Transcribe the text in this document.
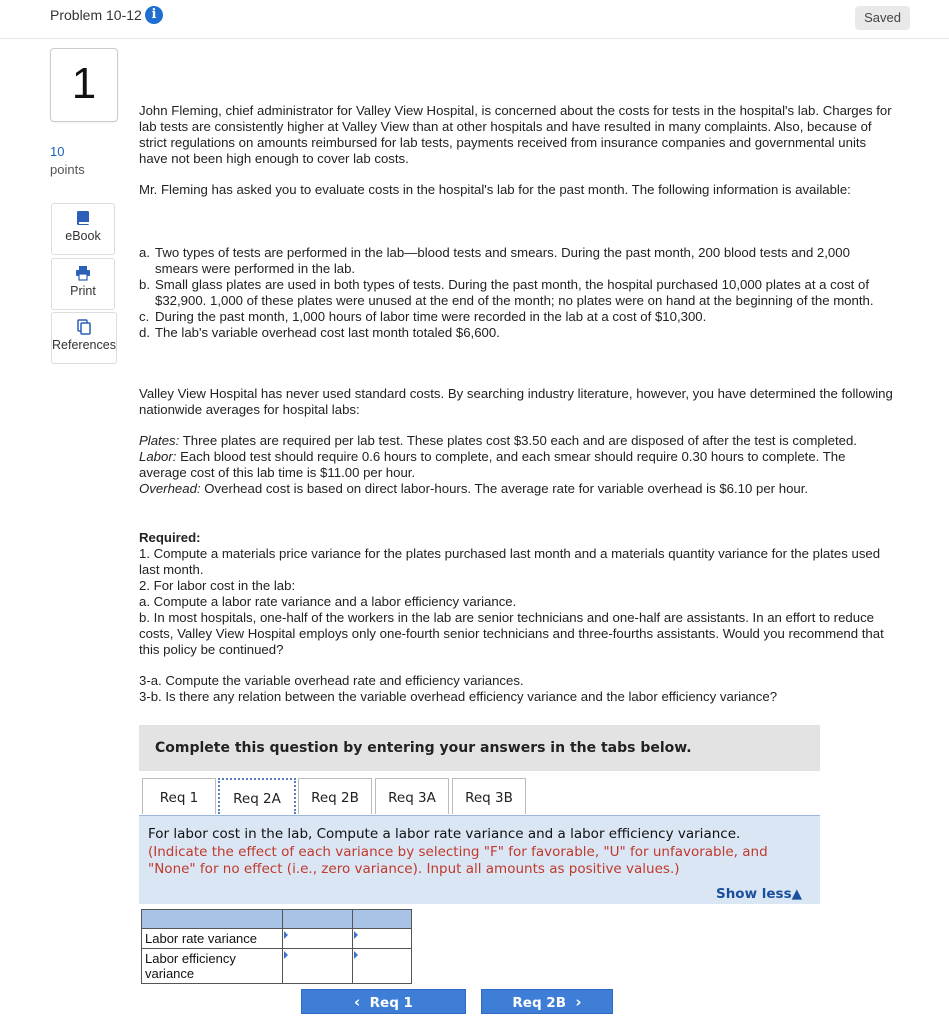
Problem 10-12 i	Saved
1
10
points
eBook
Print
References

John Fleming, chief administrator for Valley View Hospital, is concerned about the costs for tests in the hospital's lab. Charges for lab tests are consistently higher at Valley View than at other hospitals and have resulted in many complaints. Also, because of strict regulations on amounts reimbursed for lab tests, payments received from insurance companies and governmental units have not been high enough to cover lab costs.

Mr. Fleming has asked you to evaluate costs in the hospital's lab for the past month. The following information is available:

a. Two types of tests are performed in the lab—blood tests and smears. During the past month, 200 blood tests and 2,000 smears were performed in the lab.
b. Small glass plates are used in both types of tests. During the past month, the hospital purchased 10,000 plates at a cost of $32,900. 1,000 of these plates were unused at the end of the month; no plates were on hand at the beginning of the month.
c. During the past month, 1,000 hours of labor time were recorded in the lab at a cost of $10,300.
d. The lab's variable overhead cost last month totaled $6,600.

Valley View Hospital has never used standard costs. By searching industry literature, however, you have determined the following nationwide averages for hospital labs:

Plates: Three plates are required per lab test. These plates cost $3.50 each and are disposed of after the test is completed.

Labor: Each blood test should require 0.6 hours to complete, and each smear should require 0.30 hours to complete. The average cost of this lab time is $11.00 per hour.

Overhead: Overhead cost is based on direct labor-hours. The average rate for variable overhead is $6.10 per hour.

Required:

1. Compute a materials price variance for the plates purchased last month and a materials quantity variance for the plates used last month.

2. For labor cost in the lab:

a. Compute a labor rate variance and a labor efficiency variance.

b. In most hospitals, one-half of the workers in the lab are senior technicians and one-half are assistants. In an effort to reduce costs, Valley View Hospital employs only one-fourth senior technicians and three-fourths assistants. Would you recommend that this policy be continued?

3-a. Compute the variable overhead rate and efficiency variances.

3-b. Is there any relation between the variable overhead efficiency variance and the labor efficiency variance?

Complete this question by entering your answers in the tabs below.
Req 1	Req 2A	Req 2B	Req 3A	Req 3B
For labor cost in the lab, Compute a labor rate variance and a labor efficiency variance.
(Indicate the effect of each variance by selecting "F" for favorable, "U" for unfavorable, and "None" for no effect (i.e., zero variance). Input all amounts as positive values.)
Show less▲

Labor rate variance	

Labor efficiency variance	

‹ Req 1	Req 2B ›
